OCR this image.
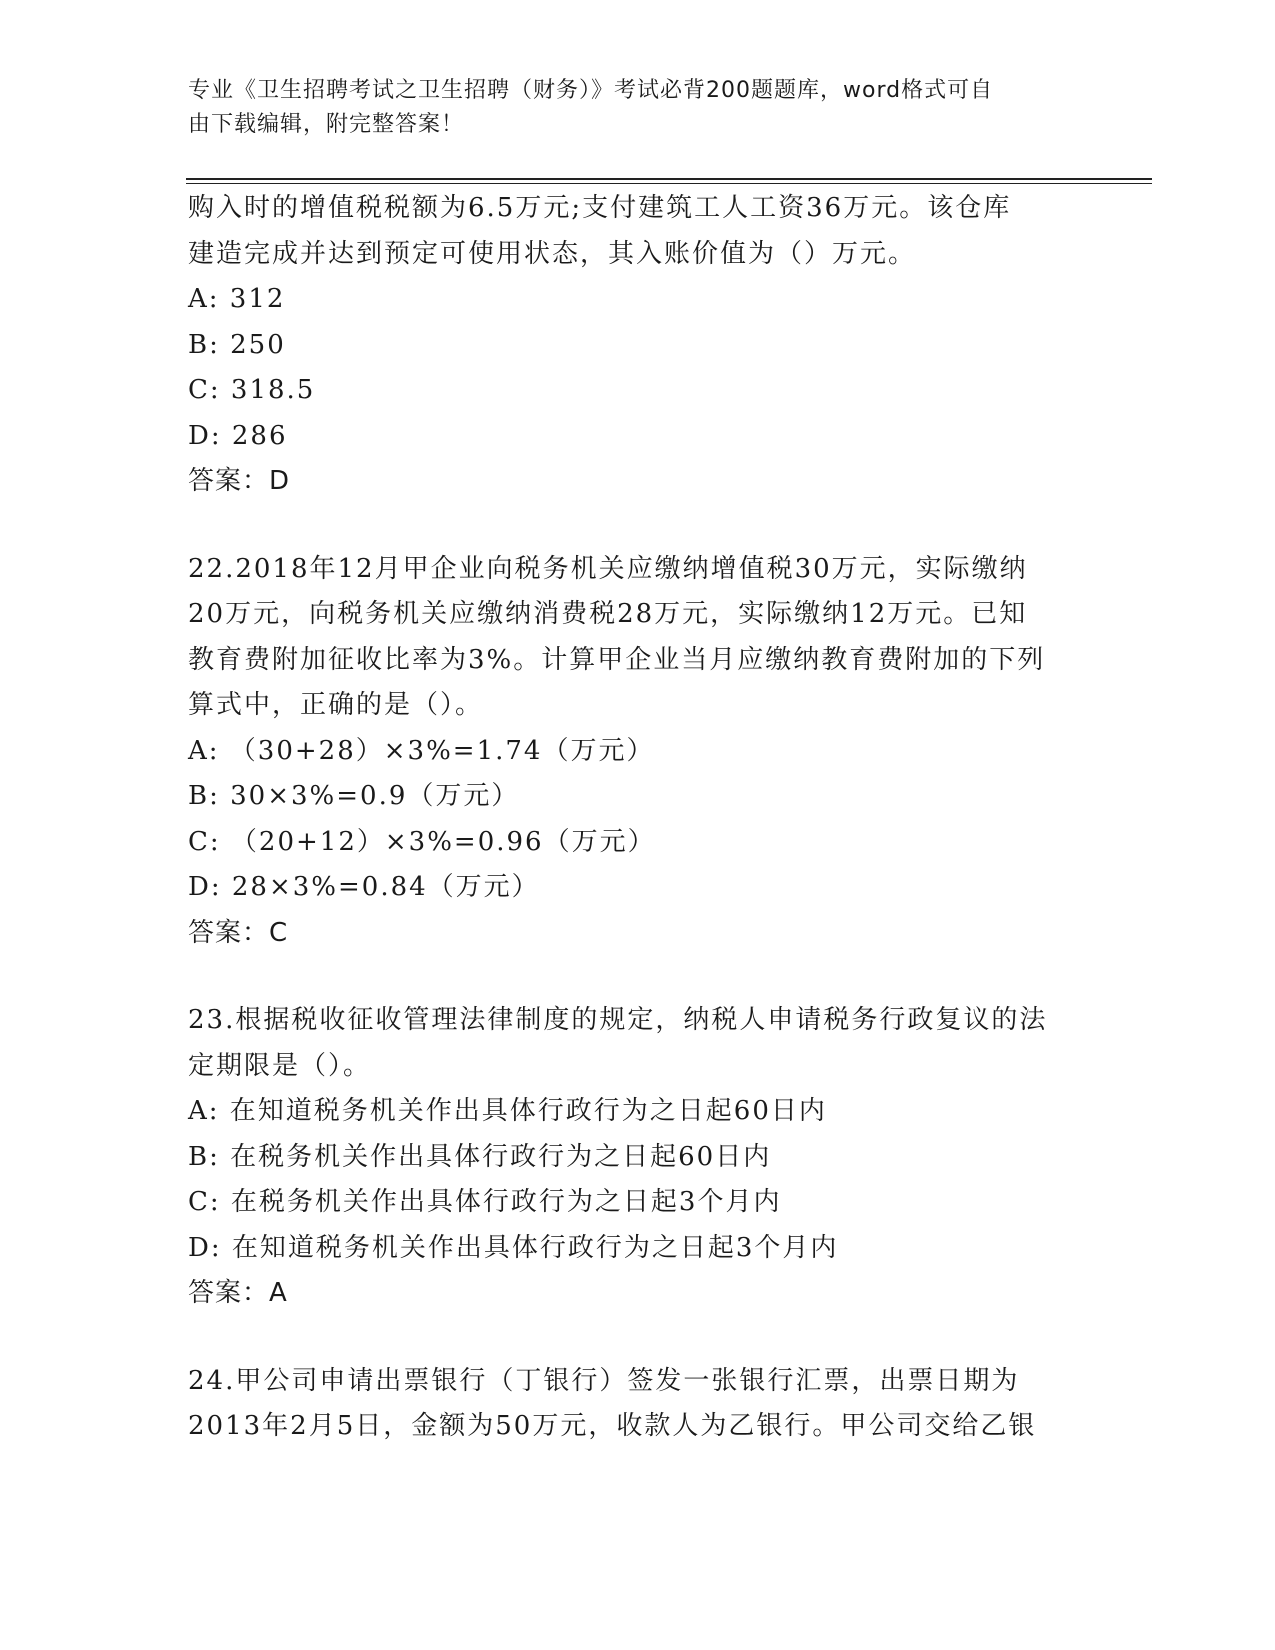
专业《卫生招聘考试之卫生招聘（财务）》考试必背200题题库，word格式可自
由下载编辑，附完整答案！
购入时的增值税税额为6.5万元;支付建筑工人工资36万元。该仓库
建造完成并达到预定可使用状态，其入账价值为（）万元。
A: 312
B: 250
C: 318.5
D: 286
答案：D
22.2018年12月甲企业向税务机关应缴纳增值税30万元，实际缴纳
20万元，向税务机关应缴纳消费税28万元，实际缴纳12万元。已知
教育费附加征收比率为3%。计算甲企业当月应缴纳教育费附加的下列
算式中，正确的是（）。
A: （30+28）×3%=1.74（万元）
B: 30×3%=0.9（万元）
C: （20+12）×3%=0.96（万元）
D: 28×3%=0.84（万元）
答案：C
23.根据税收征收管理法律制度的规定，纳税人申请税务行政复议的法
定期限是（）。
A: 在知道税务机关作出具体行政行为之日起60日内
B: 在税务机关作出具体行政行为之日起60日内
C: 在税务机关作出具体行政行为之日起3个月内
D: 在知道税务机关作出具体行政行为之日起3个月内
答案：A
24.甲公司申请出票银行（丁银行）签发一张银行汇票，出票日期为
2013年2月5日，金额为50万元，收款人为乙银行。甲公司交给乙银
